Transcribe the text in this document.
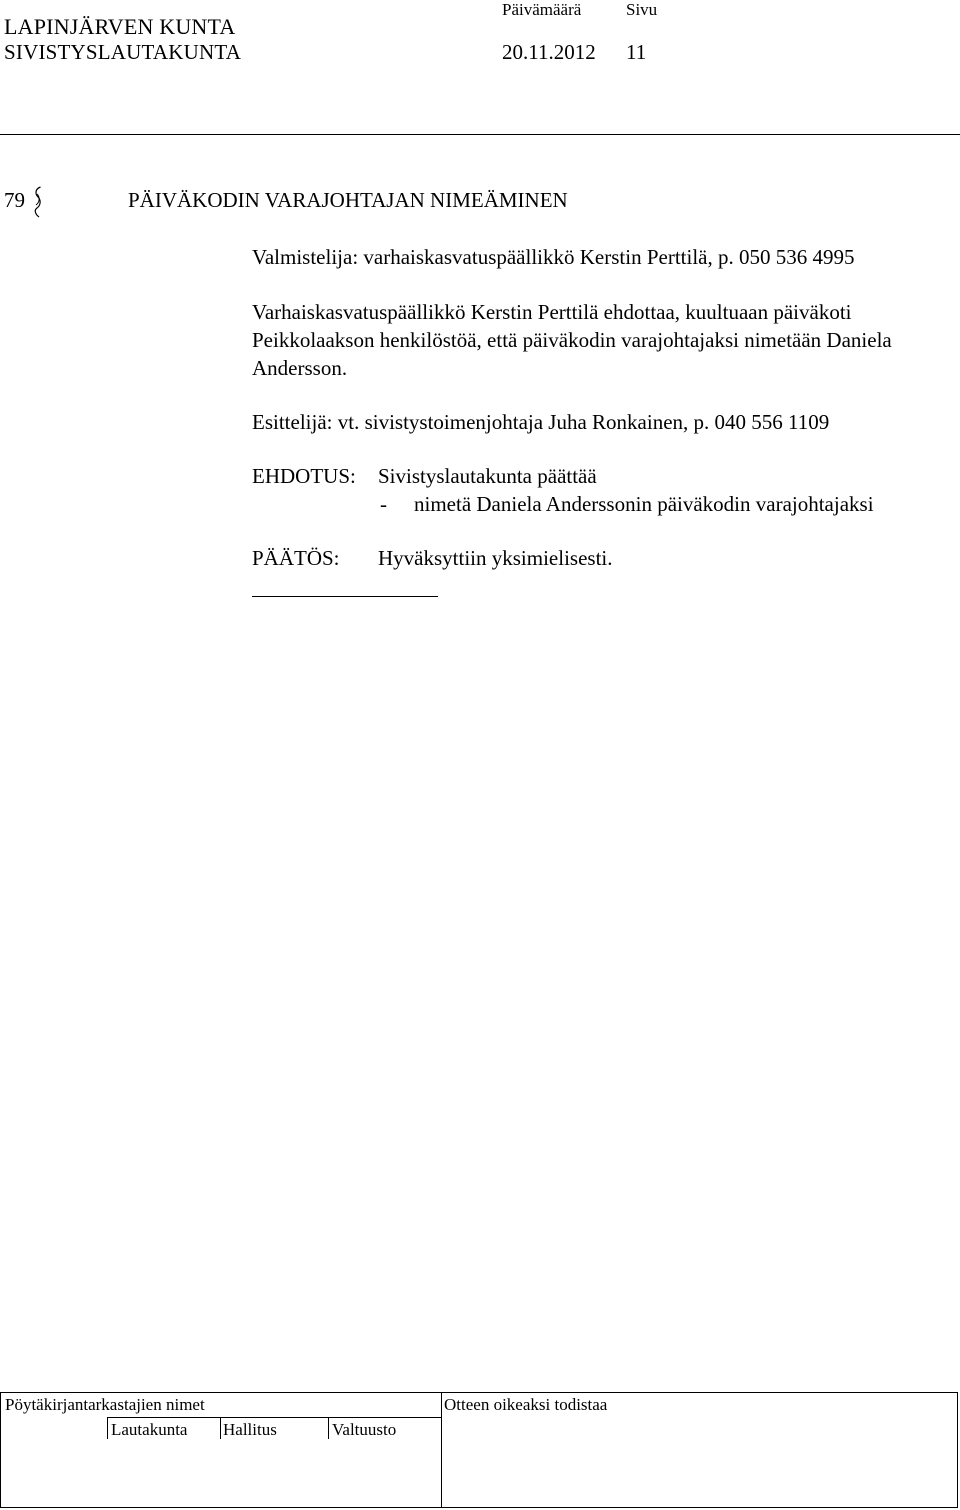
LAPINJÄRVEN KUNTA
SIVISTYSLAUTAKUNTA
Päivämäärä	Sivu
20.11.2012 11
79	PÄIVÄKODIN VARAJOHTAJAN NIMEÄMINEN
Valmistelija: varhaiskasvatuspäällikkö Kerstin Perttilä, p. 050 536 4995
Varhaiskasvatuspäällikkö Kerstin Perttilä ehdottaa, kuultuaan päiväkoti
Peikkolaakson henkilöstöä, että päiväkodin varajohtajaksi nimetään Daniela
Andersson.
Esittelijä: vt. sivistystoimenjohtaja Juha Ronkainen, p. 040 556 1109
EHDOTUS: Sivistyslautakunta päättää
- nimetä Daniela Anderssonin päiväkodin varajohtajaksi
PÄÄTÖS: Hyväksyttiin yksimielisesti.
Pöytäkirjantarkastajien nimet	Otteen oikeaksi todistaa
Lautakunta Hallitus	Valtuusto
